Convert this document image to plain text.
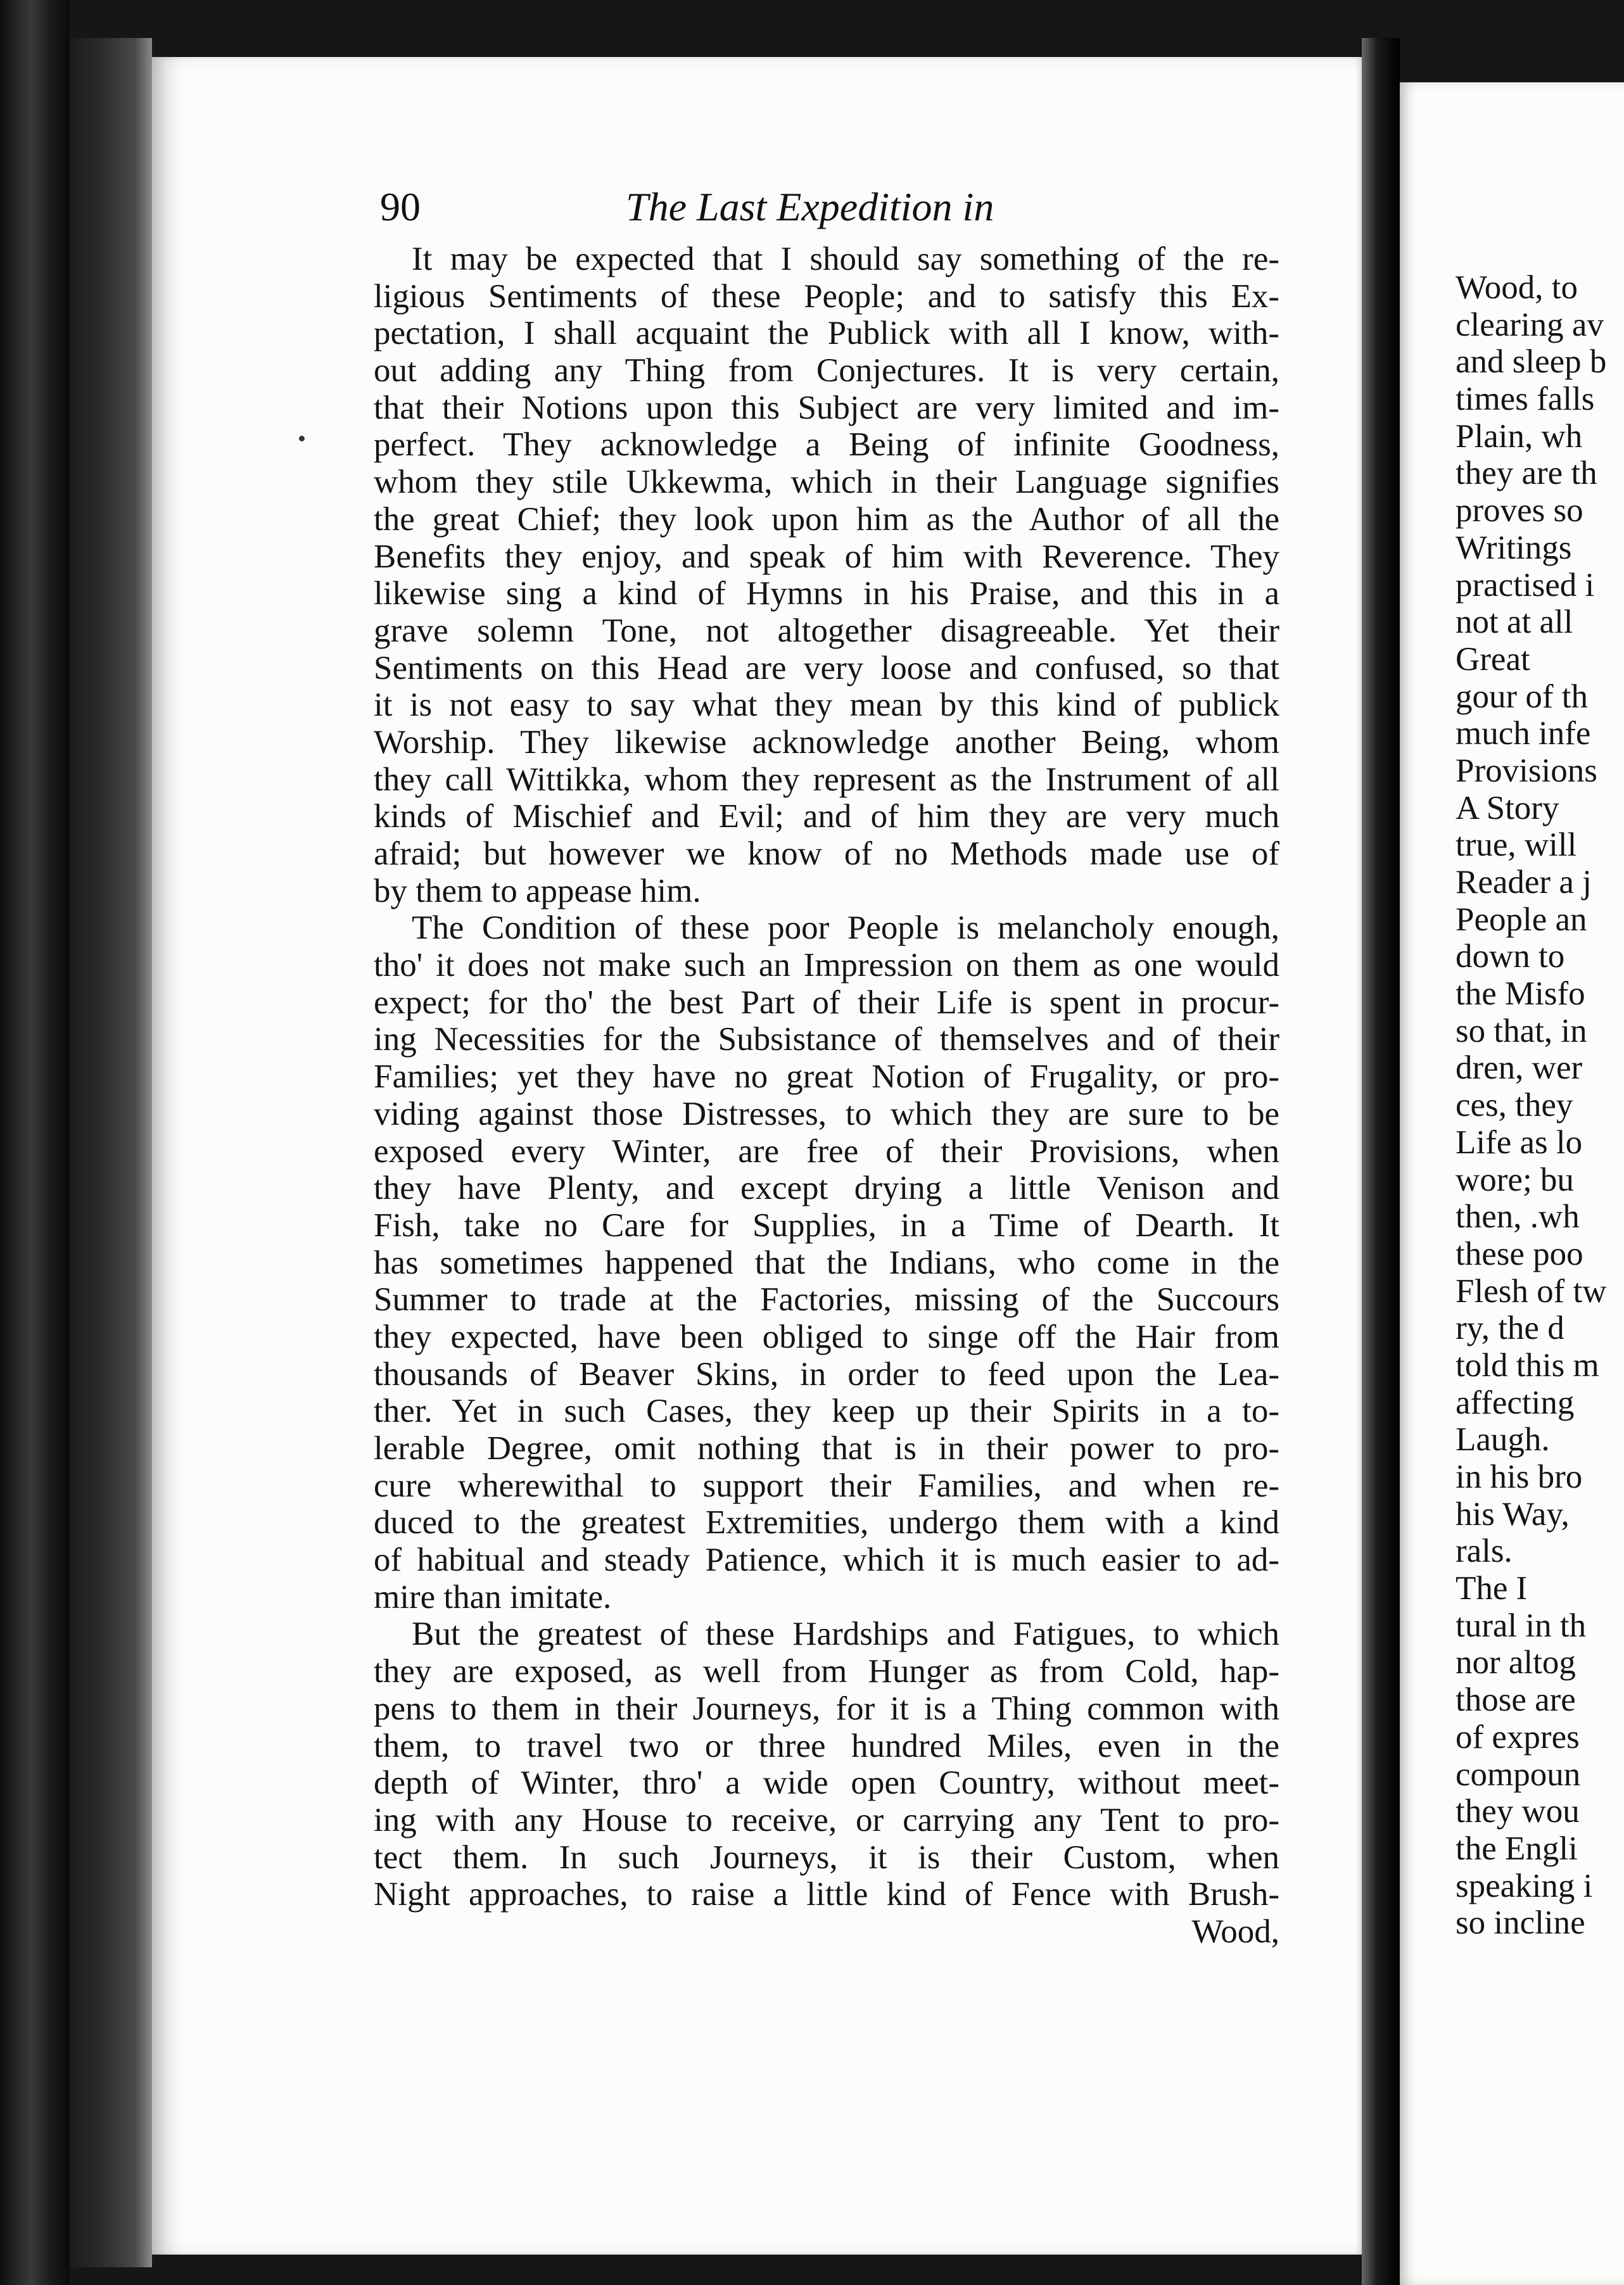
90	The Last Expedition in
It may be expected that I should say something of the re-
ligious Sentiments of these People; and to satisfy this Ex-
pectation, I shall acquaint the Publick with all I know, with-
out adding any Thing from Conjectures. It is very certain,
that their Notions upon this Subject are very limited and im-
perfect. They acknowledge a Being of infinite Goodness,
whom they stile Ukkewma, which in their Language signifies
the great Chief; they look upon him as the Author of all the
Benefits they enjoy, and speak of him with Reverence. They
likewise sing a kind of Hymns in his Praise, and this in a
grave solemn Tone, not altogether disagreeable. Yet their
Sentiments on this Head are very loose and confused, so that
it is not easy to say what they mean by this kind of publick
Worship. They likewise acknowledge another Being, whom
they call Wittikka, whom they represent as the Instrument of all
kinds of Mischief and Evil; and of him they are very much
afraid; but however we know of no Methods made use of
by them to appease him.
The Condition of these poor People is melancholy enough,
tho' it does not make such an Impression on them as one would
expect; for tho' the best Part of their Life is spent in procur-
ing Necessities for the Subsistance of themselves and of their
Families; yet they have no great Notion of Frugality, or pro-
viding against those Distresses, to which they are sure to be
exposed every Winter, are free of their Provisions, when
they have Plenty, and except drying a little Venison and
Fish, take no Care for Supplies, in a Time of Dearth. It
has sometimes happened that the Indians, who come in the
Summer to trade at the Factories, missing of the Succours
they expected, have been obliged to singe off the Hair from
thousands of Beaver Skins, in order to feed upon the Lea-
ther. Yet in such Cases, they keep up their Spirits in a to-
lerable Degree, omit nothing that is in their power to pro-
cure wherewithal to support their Families, and when re-
duced to the greatest Extremities, undergo them with a kind
of habitual and steady Patience, which it is much easier to ad-
mire than imitate.
But the greatest of these Hardships and Fatigues, to which
they are exposed, as well from Hunger as from Cold, hap-
pens to them in their Journeys, for it is a Thing common with
them, to travel two or three hundred Miles, even in the
depth of Winter, thro' a wide open Country, without meet-
ing with any House to receive, or carrying any Tent to pro-
tect them. In such Journeys, it is their Custom, when
Night approaches, to raise a little kind of Fence with Brush-
Wood,
Wood, to
clearing av
and sleep b
times falls
Plain, wh
they are th
proves so
Writings
practised i
not at all
Great
gour of th
much infe
Provisions
A Story
true, will
Reader a j
People an
down to
the Misfo
so that, in
dren, wer
ces, they
Life as lo
wore; bu
then, .wh
these poo
Flesh of tw
ry, the d
told this m
affecting
Laugh.
in his bro
his Way,
rals.
The I
tural in th
nor altog
those are
of expres
compoun
they wou
the Engli
speaking i
so incline
